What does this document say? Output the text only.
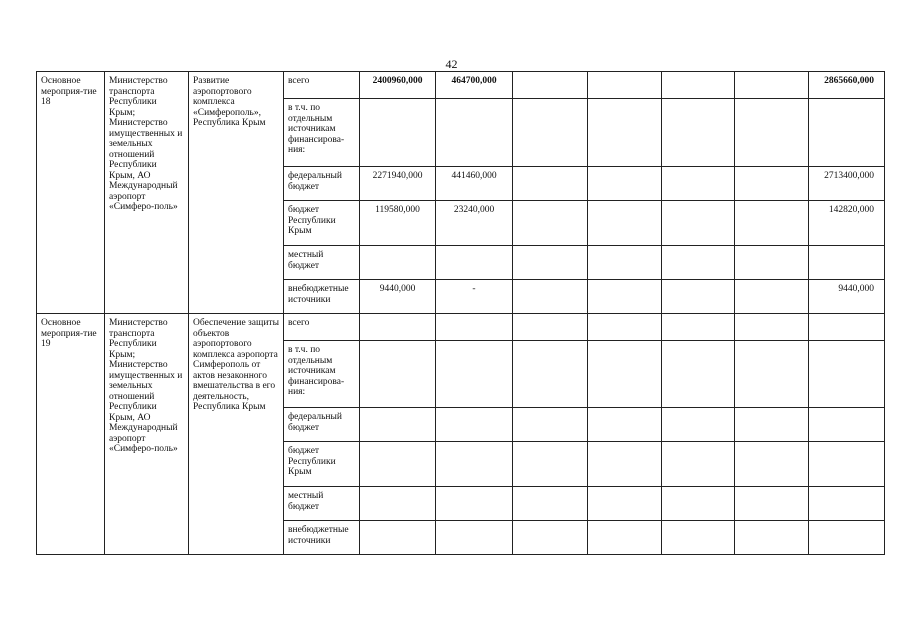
42
Основное мероприя-тие 18	Министерство транспорта Республики Крым; Министерство имущественных и земельных отношений Республики Крым, АО Международный аэропорт «Симферо-поль»	Развитие аэропортового комплекса «Симферополь», Республика Крым	всего	2400960,000	464700,000					2865660,000
			в т.ч. по отдельным источникам финансирова-ния:							
			федеральный бюджет	2271940,000	441460,000					2713400,000
			бюджет Республики Крым	119580,000	23240,000					142820,000
			местный бюджет							
			внебюджетные источники	9440,000	-					9440,000
Основное мероприя-тие 19	Министерство транспорта Республики Крым; Министерство имущественных и земельных отношений Республики Крым, АО Международный аэропорт «Симферо-поль»	Обеспечение защиты объектов аэропортового комплекса аэропорта Симферополь от актов незаконного вмешательства в его деятельность, Республика Крым	всего							
			в т.ч. по отдельным источникам финансирова-ния:							
			федеральный бюджет							
			бюджет Республики Крым							
			местный бюджет							
			внебюджетные источники							
